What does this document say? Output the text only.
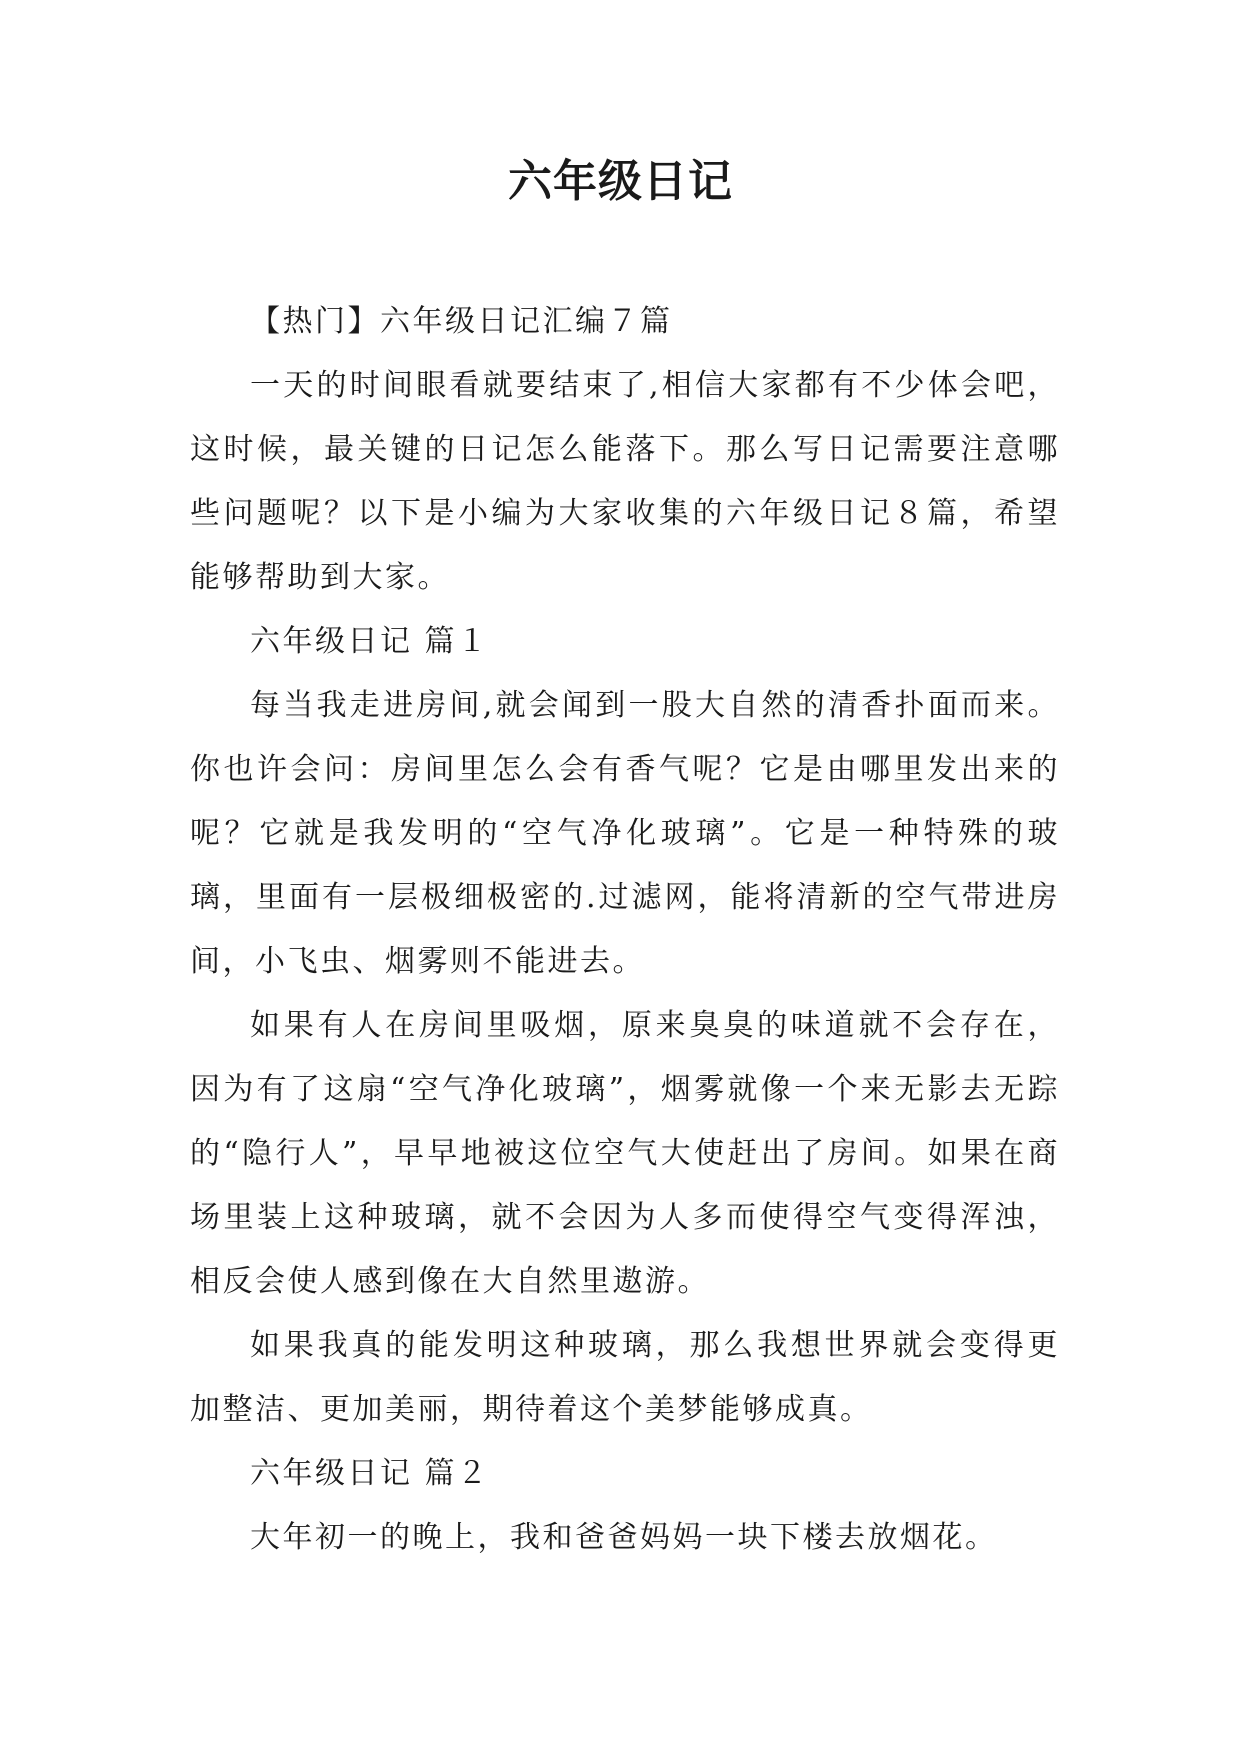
六年级日记

【热门】六年级日记汇编７篇

一天的时间眼看就要结束了,相信大家都有不少体会吧，这时候，最关键的日记怎么能落下。那么写日记需要注意哪些问题呢？以下是小编为大家收集的六年级日记８篇，希望能够帮助到大家。

六年级日记 篇１

每当我走进房间,就会闻到一股大自然的清香扑面而来。你也许会问：房间里怎么会有香气呢？它是由哪里发出来的呢？它就是我发明的“空气净化玻璃”。它是一种特殊的玻璃，里面有一层极细极密的.过滤网，能将清新的空气带进房间，小飞虫、烟雾则不能进去。

如果有人在房间里吸烟，原来臭臭的味道就不会存在，因为有了这扇“空气净化玻璃”，烟雾就像一个来无影去无踪的“隐行人”，早早地被这位空气大使赶出了房间。如果在商场里装上这种玻璃，就不会因为人多而使得空气变得浑浊，相反会使人感到像在大自然里遨游。

如果我真的能发明这种玻璃，那么我想世界就会变得更加整洁、更加美丽，期待着这个美梦能够成真。

六年级日记 篇２

大年初一的晚上，我和爸爸妈妈一块下楼去放烟花。
